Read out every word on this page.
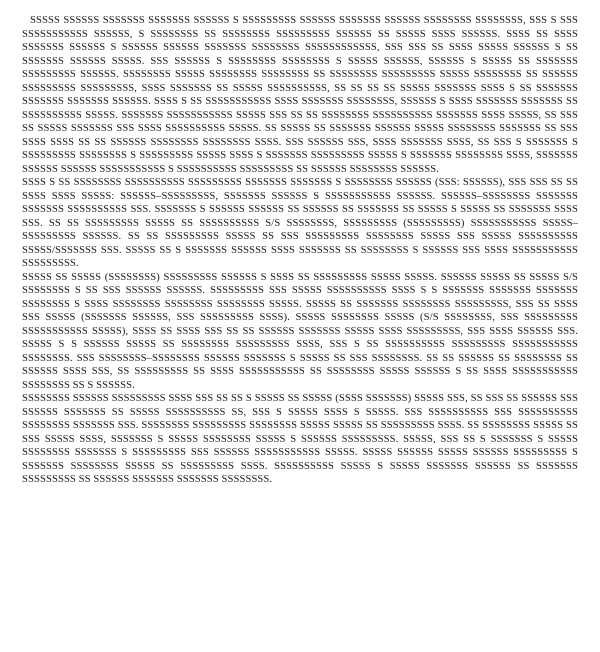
SSSSS SSSSSS SSSSSSS SSSSSSS SSSSSS S SSSSSSSSS SSSSSS SSSSSSS SSSSSS SSSSSSSS SSSSSSSS, SSS S SSS SSSSSSSSSSS SSSSSS, S SSSSSSSS SS SSSSSSSS SSSSSSSSS SSSSSS SS SSSSS SSSS SSSSSS. SSSS SS SSSS SSSSSSS SSSSSS S SSSSSS SSSSSS SSSSSSS SSSSSSSS SSSSSSSSSSSS, SSS SSS SS SSSS SSSSS SSSSSS S SS SSSSSSS SSSSSS SSSSS. SSS SSSSSS S SSSSSSSS SSSSSSSS S SSSSS SSSSSS, SSSSSS S SSSSS SS SSSSSSS SSSSSSSSS SSSSSS. SSSSSSSS SSSSS SSSSSSSS SSSSSSSS SS SSSSSSSS SSSSSSSSS SSSSS SSSSSSSS SS SSSSSS SSSSSSSSS SSSSSSSSS, SSSS SSSSSSS SS SSSSS SSSSSSSSSS, SS SS SS SS SSSSS SSSSSSS SSSS S SS SSSSSSS SSSSSSS SSSSSSS SSSSSS. SSSS S SS SSSSSSSSSSS SSSS SSSSSSS SSSSSSSS, SSSSSS S SSSS SSSSSSS SSSSSSS SS SSSSSSSSSS SSSSS. SSSSSSS SSSSSSSSSSS SSSSS SSS SS SS SSSSSSSS SSSSSSSSSS SSSSSSS SSSS SSSSS, SS SSS SS SSSSS SSSSSSS SSS SSSS SSSSSSSSSS SSSSS. SS SSSSS SS SSSSSSS SSSSSS SSSSS SSSSSSSS SSSSSSS SS SSS SSSS SSSS SS SS SSSSSS SSSSSSSS SSSSSSSS SSSS. SSS SSSSSS SSS, SSSS SSSSSSS SSSS, SS SSS S SSSSSSS S SSSSSSSSS SSSSSSSS S SSSSSSSSS SSSSS SSSS S SSSSSSS SSSSSSSSS SSSSS S SSSSSSS SSSSSSSS SSSS, SSSSSSS SSSSSS SSSSSS SSSSSSSSSSS S SSSSSSSSSS SSSSSSSSS SS SSSSSS SSSSSSSS SSSSSS.

SSSS S SS SSSSSSSS SSSSSSSSSS SSSSSSSSS SSSSSSS SSSSSSS S SSSSSSSS SSSSSS (SSS: SSSSSS), SSS SSS SS SS SSSS SSSS SSSSS: SSSSSS–SSSSSSSSS, SSSSSSS SSSSSS S SSSSSSSSSSS SSSSSS. SSSSSS–SSSSSSSS SSSSSSS SSSSSSS SSSSSSSSSS SSS. SSSSSSS S SSSSSS SSSSSS SS SSSSSS SS SSSSSSS SS SSSSS S SSSSS SS SSSSSSS SSSS SSS. SS SS SSSSSSSSS SSSSS SS SSSSSSSSSS S/S SSSSSSSS, SSSSSSSSS (SSSSSSSSS) SSSSSSSSSSS SSSSS–SSSSSSSSS SSSSSS. SS SS SSSSSSSSS SSSSS SS SSS SSSSSSSSS SSSSSSSS SSSSS SSS SSSSS SSSSSSSSSS SSSSS/SSSSSSS SSS. SSSSS SS S SSSSSSS SSSSSS SSSS SSSSSSS SS SSSSSSSS S SSSSSS SSS SSSS SSSSSSSSSSS SSSSSSSSS.

SSSSS SS SSSSS (SSSSSSSS) SSSSSSSSS SSSSSS S SSSS SS SSSSSSSSS SSSSS SSSSS. SSSSSS SSSSS SS SSSSS S/S SSSSSSSS S SS SSS SSSSSS SSSSSS. SSSSSSSSS SSS SSSSS SSSSSSSSSS SSSS S S SSSSSSS SSSSSSS SSSSSSS SSSSSSSS S SSSS SSSSSSSS SSSSSSSS SSSSSSSS SSSSS. SSSSS SS SSSSSSS SSSSSSSS SSSSSSSSS, SSS SS SSSS SSS SSSSS (SSSSSSS SSSSSS, SSS SSSSSSSSS SSSS). SSSSS SSSSSSSS SSSSS (S/S SSSSSSSS, SSS SSSSSSSSS SSSSSSSSSSS SSSSS), SSSS SS SSSS SSS SS SS SSSSSS SSSSSSS SSSSS SSSS SSSSSSSSS, SSS SSSS SSSSSS SSS. SSSSS S S SSSSSS SSSSS SS SSSSSSSS SSSSSSSSS SSSS, SSS S SS SSSSSSSSSS SSSSSSSSS SSSSSSSSSSS SSSSSSSS. SSS SSSSSSSS–SSSSSSSS SSSSSS SSSSSSS S SSSSS SS SSS SSSSSSSS. SS SS SSSSSS SS SSSSSSSS SS SSSSSS SSSS SSS, SS SSSSSSSSS SS SSSS SSSSSSSSSSS SS SSSSSSSS SSSSS SSSSSS S SS SSSS SSSSSSSSSSS SSSSSSSS SS S SSSSSS.

SSSSSSSS SSSSSS SSSSSSSSS SSSS SSS SS SS S SSSSS SS SSSSS (SSSS SSSSSSS) SSSSS SSS, SS SSS SS SSSSSS SSS SSSSSS SSSSSSS SS SSSSS SSSSSSSSSS SS, SSS S SSSSS SSSS S SSSSS. SSS SSSSSSSSSS SSS SSSSSSSSSS SSSSSSSS SSSSSSS SSS. SSSSSSSS SSSSSSSSS SSSSSSSS SSSSS SSSSS SS SSSSSSSSS SSSS. SS SSSSSSSS SSSSS SS SSS SSSSS SSSS, SSSSSSS S SSSSS SSSSSSSS SSSSS S SSSSSS SSSSSSSSS. SSSSS, SSS SS S SSSSSSS S SSSSS SSSSSSSS SSSSSSS S SSSSSSSSS SSS SSSSSS SSSSSSSSSSS SSSSS. SSSSS SSSSSS SSSSS SSSSSS SSSSSSSSS S SSSSSSS SSSSSSSS SSSSS SS SSSSSSSSS SSSS. SSSSSSSSSS SSSSS S SSSSS SSSSSSS SSSSSS SS SSSSSSS SSSSSSSSS SS SSSSSS SSSSSSS SSSSSSS SSSSSSSS.
